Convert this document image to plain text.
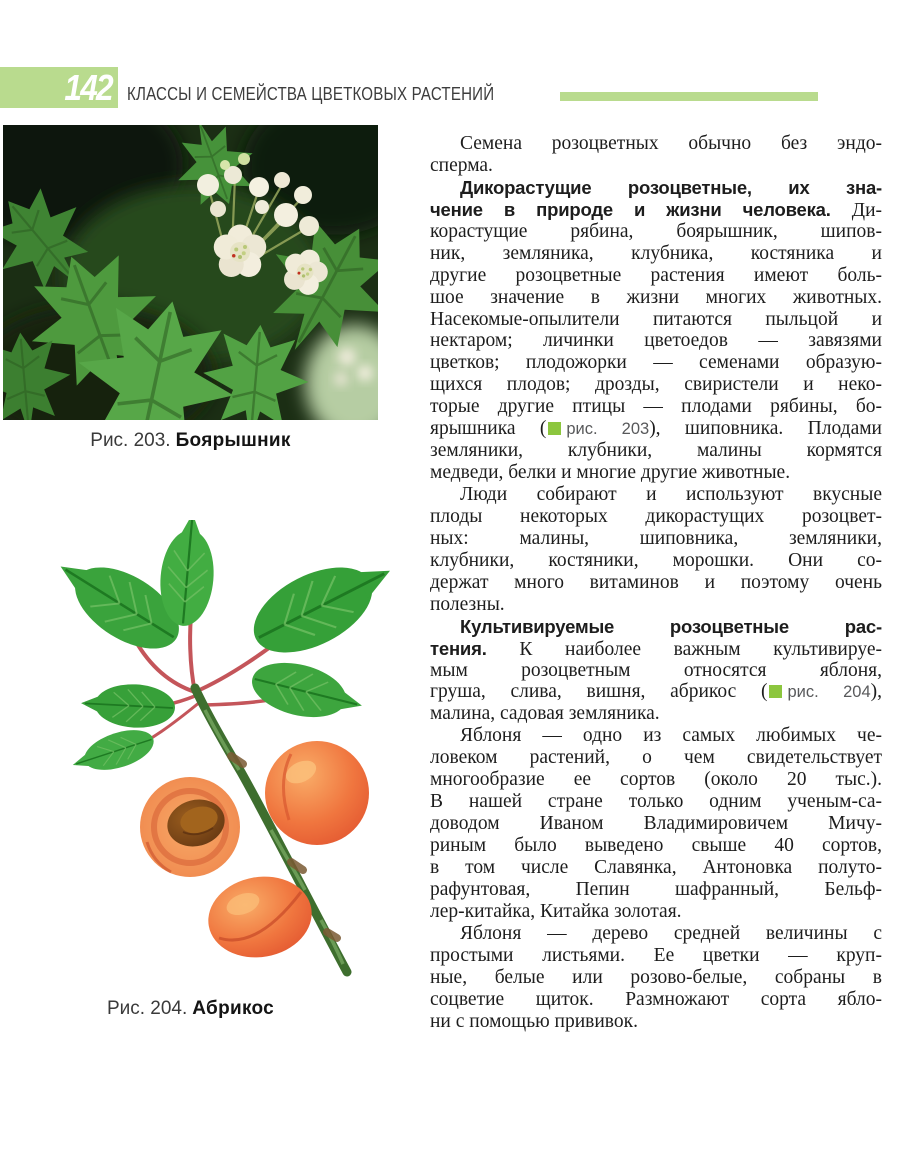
142 КЛАССЫ И СЕМЕЙСТВА ЦВЕТКОВЫХ РАСТЕНИЙ
Рис. 203. Боярышник
Рис. 204. Абрикос
Семена розоцветных обычно без эндо-
сперма.
Дикорастущие розоцветные, их зна-
чение в природе и жизни человека. Ди-
корастущие рябина, боярышник, шипов-
ник, земляника, клубника, костяника и
другие розоцветные растения имеют боль-
шое значение в жизни многих животных.
Насекомые-опылители питаются пыльцой и
нектаром; личинки цветоедов — завязями
цветков; плодожорки — семенами образую-
щихся плодов; дрозды, свиристели и неко-
торые другие птицы — плодами рябины, бо-
ярышника ( рис. 203), шиповника. Плодами
земляники, клубники, малины кормятся
медведи, белки и многие другие животные.
Люди собирают и используют вкусные
плоды некоторых дикорастущих розоцвет-
ных: малины, шиповника, земляники,
клубники, костяники, морошки. Они со-
держат много витаминов и поэтому очень
полезны.
Культивируемые розоцветные рас-
тения. К наиболее важным культивируе-
мым розоцветным относятся яблоня,
груша, слива, вишня, абрикос ( рис. 204),
малина, садовая земляника.
Яблоня — одно из самых любимых че-
ловеком растений, о чем свидетельствует
многообразие ее сортов (около 20 тыс.).
В нашей стране только одним ученым-са-
доводом Иваном Владимировичем Мичу-
риным было выведено свыше 40 сортов,
в том числе Славянка, Антоновка полуто-
рафунтовая, Пепин шафранный, Бельф-
лер-китайка, Китайка золотая.
Яблоня — дерево средней величины с
простыми листьями. Ее цветки — круп-
ные, белые или розово-белые, собраны в
соцветие щиток. Размножают сорта ябло-
ни с помощью прививок.
